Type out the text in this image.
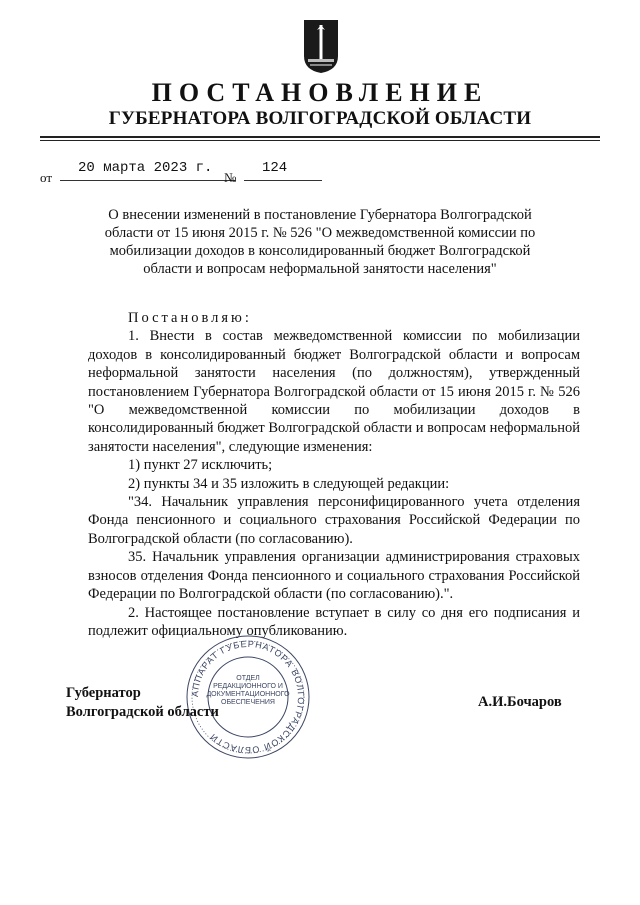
ПОСТАНОВЛЕНИЕ
ГУБЕРНАТОРА ВОЛГОГРАДСКОЙ ОБЛАСТИ
от
20 марта 2023 г.
№
124
О внесении изменений в постановление Губернатора Волгоградской области от 15 июня 2015 г. № 526 "О межведомственной комиссии по мобилизации доходов в консолидированный бюджет Волгоградской области и вопросам неформальной занятости населения"

Постановляю:

1. Внести в состав межведомственной комиссии по мобилизации доходов в консолидированный бюджет Волгоградской области и вопросам неформальной занятости населения (по должностям), утвержденный постановлением Губернатора Волгоградской области от 15 июня 2015 г. № 526 "О межведомственной комиссии по мобилизации доходов в консолидированный бюджет Волгоградской области и вопросам неформальной занятости населения", следующие изменения:

1) пункт 27 исключить;

2) пункты 34 и 35 изложить в следующей редакции:

"34. Начальник управления персонифицированного учета отделения Фонда пенсионного и социального страхования Российской Федерации по Волгоградской области (по согласованию).

35. Начальник управления организации администрирования страховых взносов отделения Фонда пенсионного и социального страхования Российской Федерации по Волгоградской области (по согласованию).".

2. Настоящее постановление вступает в силу со дня его подписания и подлежит официальному опубликованию.

АППАРАТ ГУБЕРНАТОРА ВОЛГОГРАДСКОЙ ОБЛАСТИ
ОТДЕЛ РЕДАКЦИОННОГО И ДОКУМЕНТАЦИОННОГО ОБЕСПЕЧЕНИЯ
Губернатор
Волгоградской области
А.И.Бочаров
